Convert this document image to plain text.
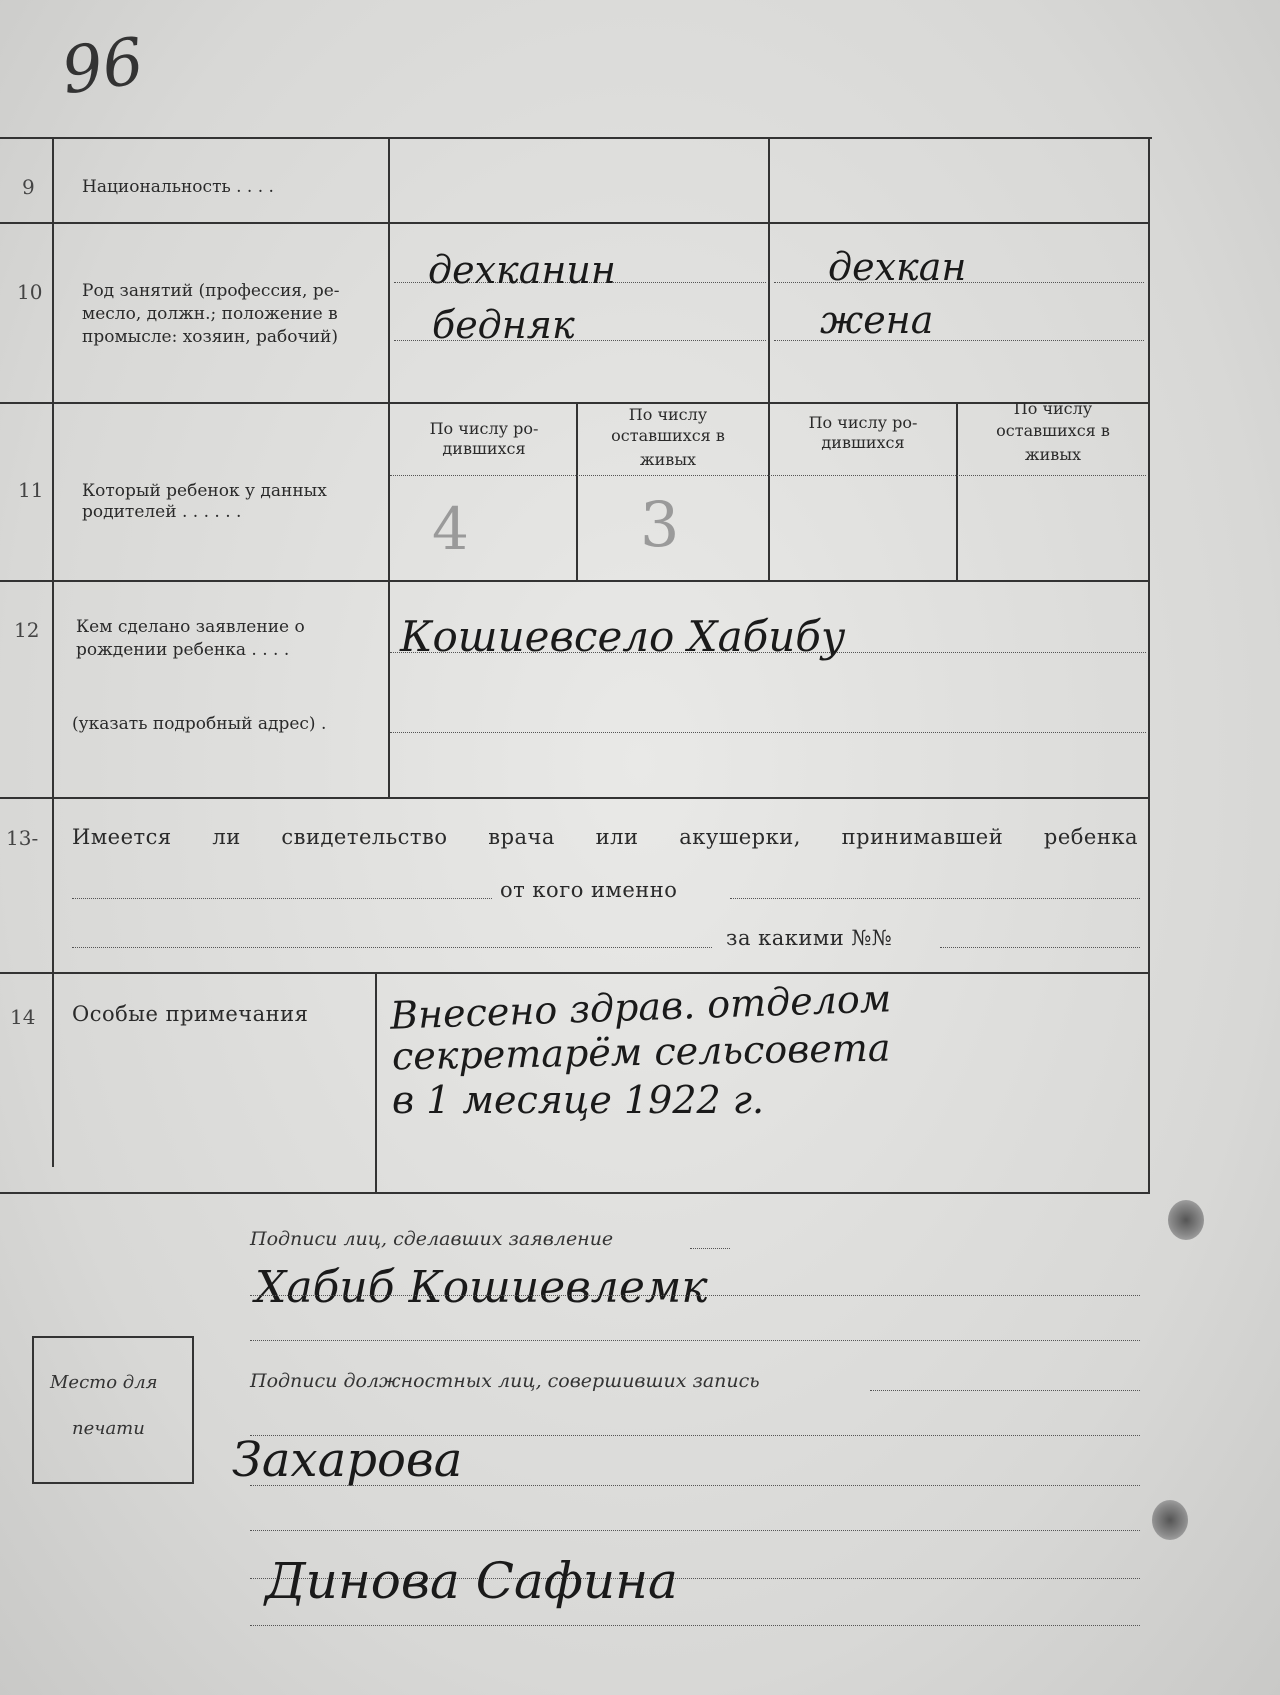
96
9	Национальность . . . .
10 Род занятий (профессия, ре-
месло, должн.; положение в
промысле: хозяин, рабочий)
дехканин
бедняк
дехкан
жена
11 Который ребенок у данных
родителей . . . . . .
По числу ро-
дившихся
По числу
оставшихся в
живых
По числу ро-
дившихся
По числу
оставшихся в
живых
4	3
12 Кем сделано заявление о
рождении ребенка . . . .
(указать подробный адрес) .
Кошиевсело Хабибу
13- Имеется ли свидетельство врача или акушерки, принимавшей ребенка
от кого именно
за какими №№
14 Особые примечания Внесено здрав. отделом
секретарём сельсовета
в 1 месяце 1922 г.
Подписи лиц, сделавших заявление
Хабиб Кошиевлемк
Место для
печати
Подписи должностных лиц, совершивших запись
Захарова
Динова Сафина
